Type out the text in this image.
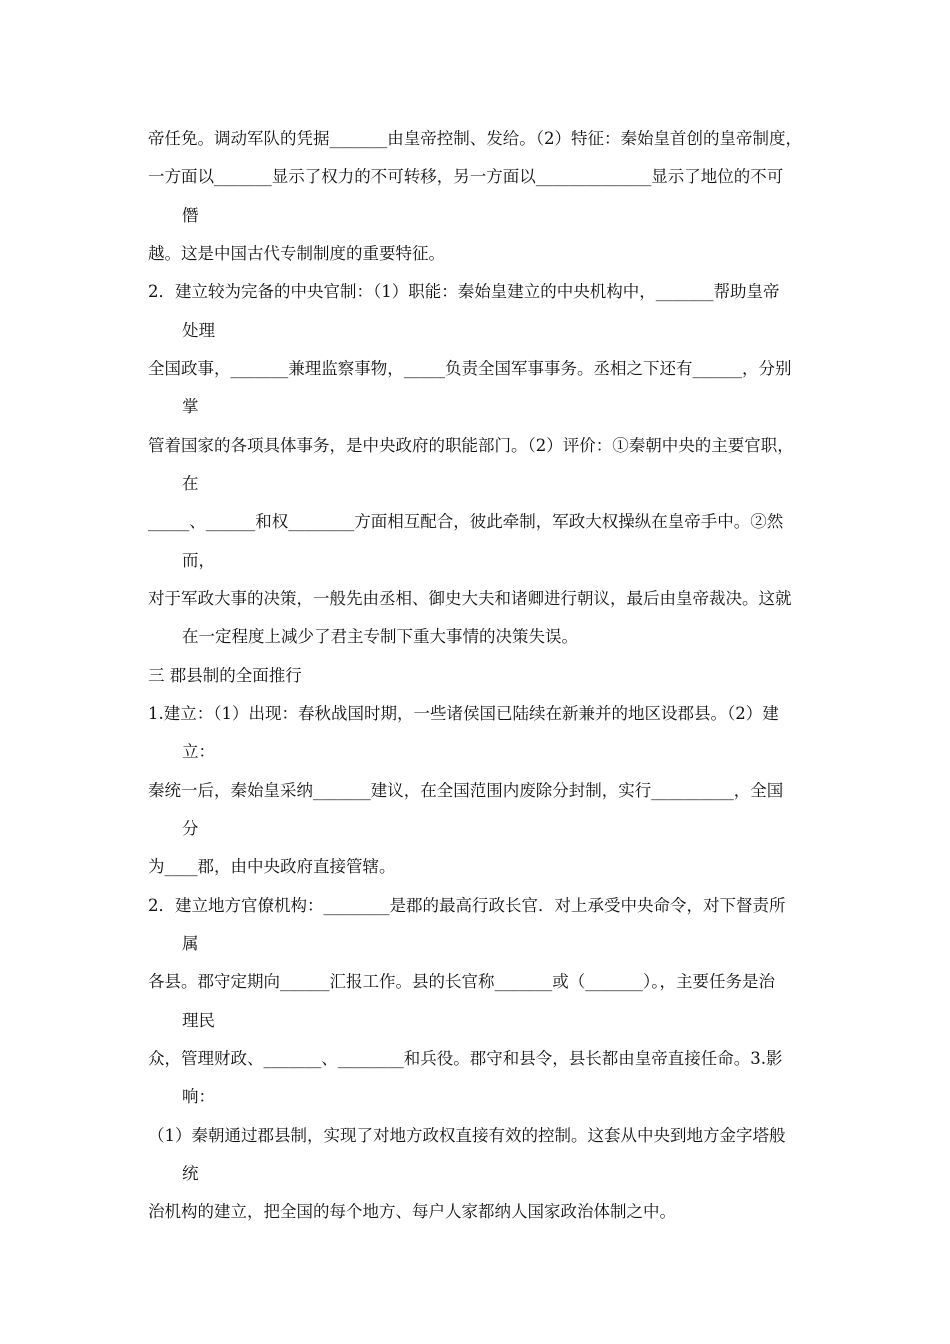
帝任免。调动军队的凭据_______由皇帝控制、发给。（2）特征：秦始皇首创的皇帝制度，
一方面以_______显示了权力的不可转移，另一方面以______________显示了地位的不可
僭
越。这是中国古代专制制度的重要特征。
2．建立较为完备的中央官制：（1）职能：秦始皇建立的中央机构中，_______帮助皇帝
处理
全国政事，_______兼理监察事物，_____负责全国军事事务。丞相之下还有______，分别
掌
管着国家的各项具体事务，是中央政府的职能部门。（2）评价：①秦朝中央的主要官职，
在
_____、______和权________方面相互配合，彼此牵制，军政大权操纵在皇帝手中。②然
而，
对于军政大事的决策，一般先由丞相、御史大夫和诸卿进行朝议，最后由皇帝裁决。这就
在一定程度上减少了君主专制下重大事情的决策失误。
三 郡县制的全面推行
1.建立：（1）出现：春秋战国时期，一些诸侯国已陆续在新兼并的地区设郡县。（2）建
立：
秦统一后，秦始皇采纳_______建议，在全国范围内废除分封制，实行__________，全国
分
为____郡，由中央政府直接管辖。
2．建立地方官僚机构：________是郡的最高行政长官．对上承受中央命令，对下督责所
属
各县。郡守定期向______汇报工作。县的长官称_______或（_______）。，主要任务是治
理民
众，管理财政、_______、________和兵役。郡守和县令，县长都由皇帝直接任命。3.影
响：
（1）秦朝通过郡县制，实现了对地方政权直接有效的控制。这套从中央到地方金字塔般
统
治机构的建立，把全国的每个地方、每户人家都纳人国家政治体制之中。
